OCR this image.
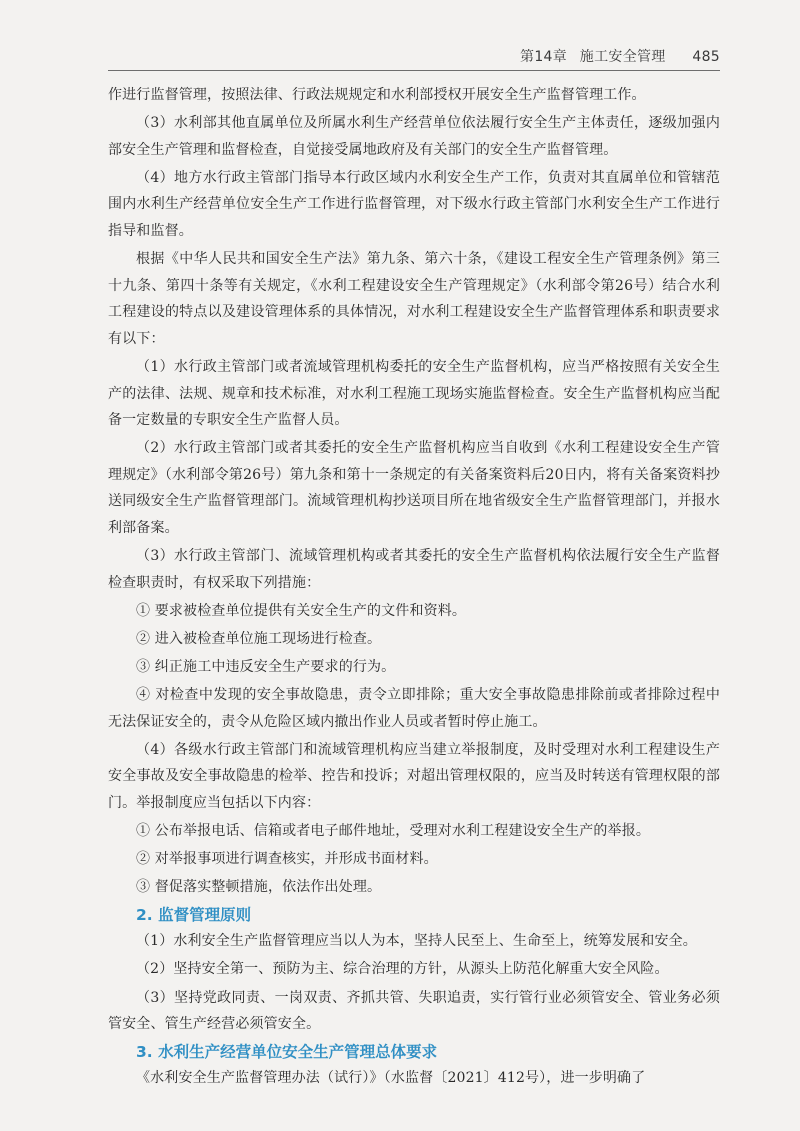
第14章 施工安全管理 485

作进行监督管理，按照法律、行政法规规定和水利部授权开展安全生产监督管理工作。

（3）水利部其他直属单位及所属水利生产经营单位依法履行安全生产主体责任，逐级加强内部安全生产管理和监督检查，自觉接受属地政府及有关部门的安全生产监督管理。

（4）地方水行政主管部门指导本行政区域内水利安全生产工作，负责对其直属单位和管辖范围内水利生产经营单位安全生产工作进行监督管理，对下级水行政主管部门水利安全生产工作进行指导和监督。

根据《中华人民共和国安全生产法》第九条、第六十条，《建设工程安全生产管理条例》第三十九条、第四十条等有关规定，《水利工程建设安全生产管理规定》（水利部令第26号）结合水利工程建设的特点以及建设管理体系的具体情况，对水利工程建设安全生产监督管理体系和职责要求有以下：

（1）水行政主管部门或者流域管理机构委托的安全生产监督机构，应当严格按照有关安全生产的法律、法规、规章和技术标准，对水利工程施工现场实施监督检查。安全生产监督机构应当配备一定数量的专职安全生产监督人员。

（2）水行政主管部门或者其委托的安全生产监督机构应当自收到《水利工程建设安全生产管理规定》（水利部令第26号）第九条和第十一条规定的有关备案资料后20日内，将有关备案资料抄送同级安全生产监督管理部门。流域管理机构抄送项目所在地省级安全生产监督管理部门，并报水利部备案。

（3）水行政主管部门、流域管理机构或者其委托的安全生产监督机构依法履行安全生产监督检查职责时，有权采取下列措施：

① 要求被检查单位提供有关安全生产的文件和资料。

② 进入被检查单位施工现场进行检查。

③ 纠正施工中违反安全生产要求的行为。

④ 对检查中发现的安全事故隐患，责令立即排除；重大安全事故隐患排除前或者排除过程中无法保证安全的，责令从危险区域内撤出作业人员或者暂时停止施工。

（4）各级水行政主管部门和流域管理机构应当建立举报制度，及时受理对水利工程建设生产安全事故及安全事故隐患的检举、控告和投诉；对超出管理权限的，应当及时转送有管理权限的部门。举报制度应当包括以下内容：

① 公布举报电话、信箱或者电子邮件地址，受理对水利工程建设安全生产的举报。

② 对举报事项进行调查核实，并形成书面材料。

③ 督促落实整顿措施，依法作出处理。

2. 监督管理原则

（1）水利安全生产监督管理应当以人为本，坚持人民至上、生命至上，统筹发展和安全。

（2）坚持安全第一、预防为主、综合治理的方针，从源头上防范化解重大安全风险。

（3）坚持党政同责、一岗双责、齐抓共管、失职追责，实行管行业必须管安全、管业务必须管安全、管生产经营必须管安全。

3. 水利生产经营单位安全生产管理总体要求

《水利安全生产监督管理办法（试行）》（水监督〔2021〕412号），进一步明确了
